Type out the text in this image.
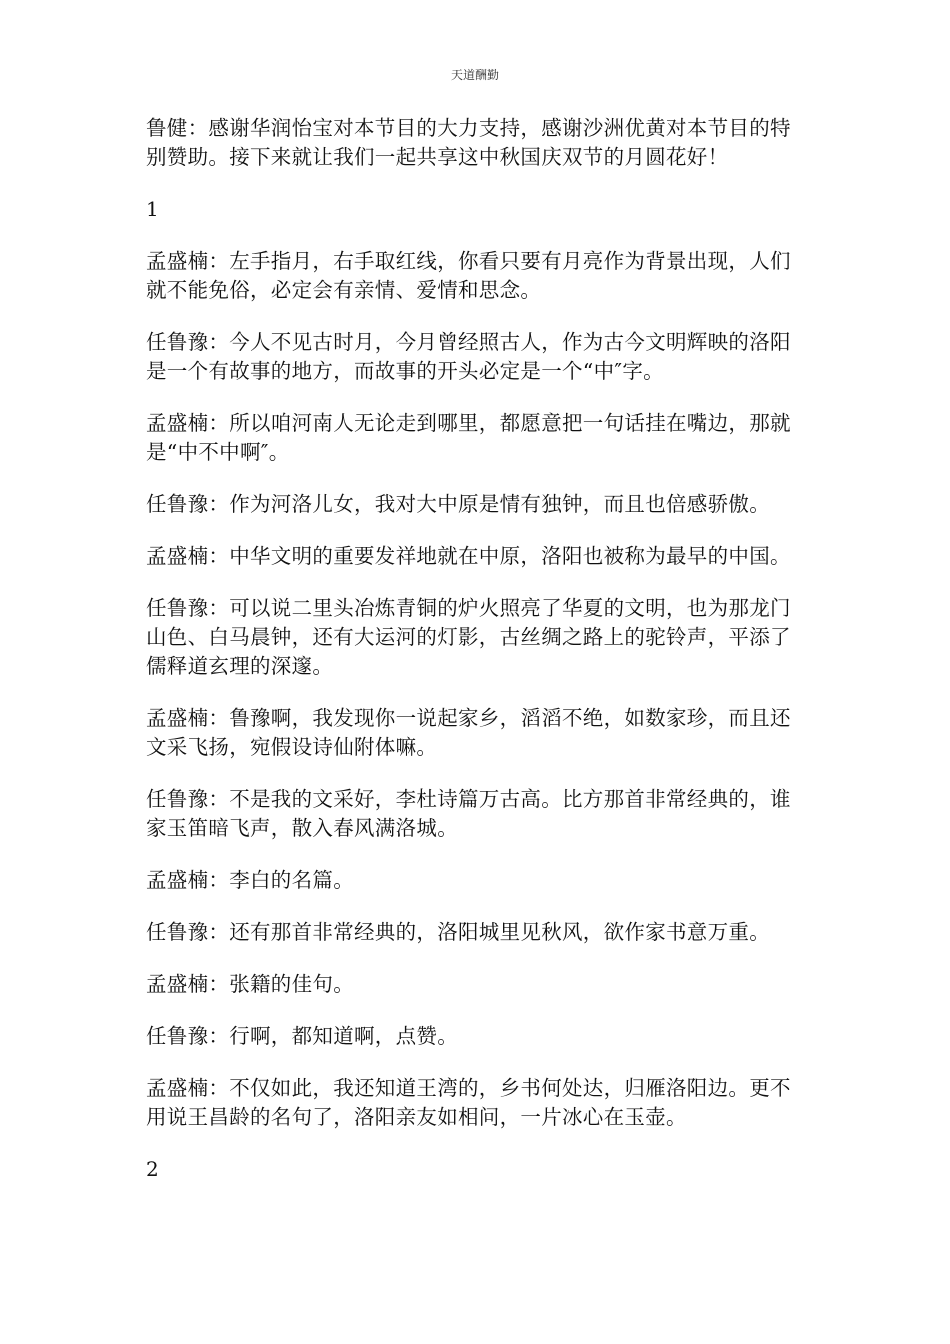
天道酬勤

鲁健：感谢华润怡宝对本节目的大力支持，感谢沙洲优黄对本节目的特别赞助。接下来就让我们一起共享这中秋国庆双节的月圆花好！

1

孟盛楠：左手指月，右手取红线，你看只要有月亮作为背景出现，人们就不能免俗，必定会有亲情、爱情和思念。

任鲁豫：今人不见古时月，今月曾经照古人，作为古今文明辉映的洛阳是一个有故事的地方，而故事的开头必定是一个“中″字。

孟盛楠：所以咱河南人无论走到哪里，都愿意把一句话挂在嘴边，那就是“中不中啊″。

任鲁豫：作为河洛儿女，我对大中原是情有独钟，而且也倍感骄傲。

孟盛楠：中华文明的重要发祥地就在中原，洛阳也被称为最早的中国。

任鲁豫：可以说二里头冶炼青铜的炉火照亮了华夏的文明，也为那龙门山色、白马晨钟，还有大运河的灯影，古丝绸之路上的驼铃声，平添了儒释道玄理的深邃。

孟盛楠：鲁豫啊，我发现你一说起家乡，滔滔不绝，如数家珍，而且还文采飞扬，宛假设诗仙附体嘛。

任鲁豫：不是我的文采好，李杜诗篇万古高。比方那首非常经典的，谁家玉笛暗飞声，散入春风满洛城。

孟盛楠：李白的名篇。

任鲁豫：还有那首非常经典的，洛阳城里见秋风，欲作家书意万重。

孟盛楠：张籍的佳句。

任鲁豫：行啊，都知道啊，点赞。

孟盛楠：不仅如此，我还知道王湾的，乡书何处达，归雁洛阳边。更不用说王昌龄的名句了，洛阳亲友如相问，一片冰心在玉壶。

2
